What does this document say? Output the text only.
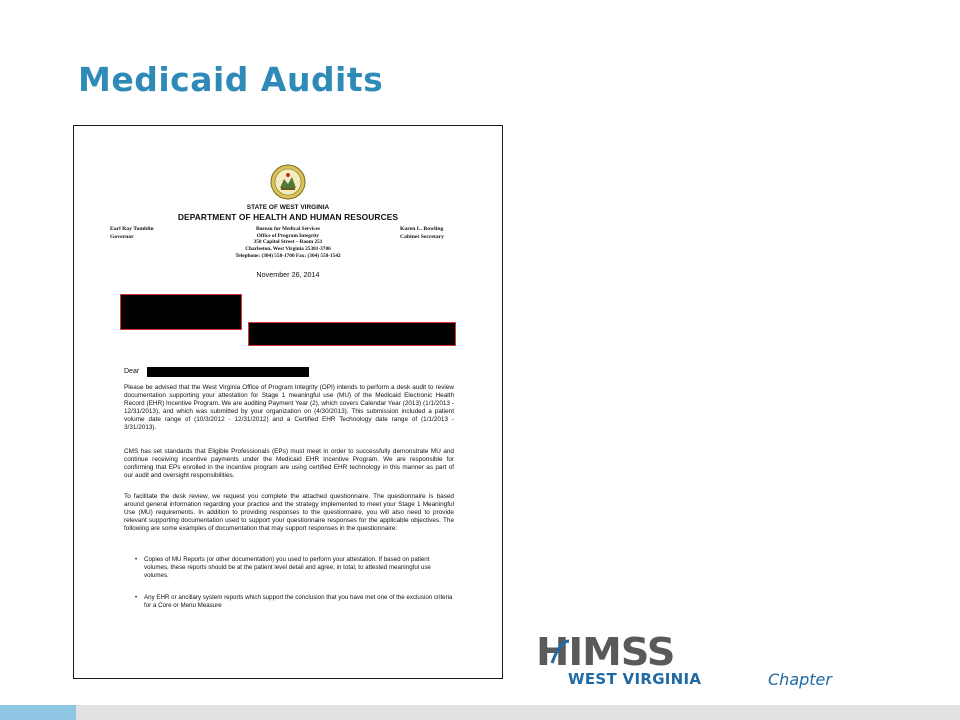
Medicaid Audits
STATE OF WEST VIRGINIA
DEPARTMENT OF HEALTH AND HUMAN RESOURCES
Earl Ray Tomblin
Governor
Bureau for Medical Services
Office of Program Integrity
350 Capitol Street – Room 251
Charleston, West Virginia 25301-3706
Telephone: (304) 558-1700 Fax: (304) 558-1542
Karen L. Bowling
Cabinet Secretary
November 26, 2014
Dear
Please be advised that the West Virginia Office of Program Integrity (OPI) intends to perform a desk audit to review documentation supporting your attestation for Stage 1 meaningful use (MU) of the Medicaid Electronic Health Record (EHR) Incentive Program. We are auditing Payment Year (2), which covers Calendar Year (2013) (1/1/2013 - 12/31/2013), and which was submitted by your organization on (4/30/2013). This submission included a patient volume date range of (10/3/2012 - 12/31/2012) and a Certified EHR Technology date range of (1/1/2013 - 3/31/2013).
CMS has set standards that Eligible Professionals (EPs) must meet in order to successfully demonstrate MU and continue receiving incentive payments under the Medicaid EHR Incentive Program. We are responsible for confirming that EPs enrolled in the incentive program are using certified EHR technology in this manner as part of our audit and oversight responsibilities.
To facilitate the desk review, we request you complete the attached questionnaire. The questionnaire is based around general information regarding your practice and the strategy implemented to meet your Stage 1 Meaningful Use (MU) requirements. In addition to providing responses to the questionnaire, you will also need to provide relevant supporting documentation used to support your questionnaire responses for the applicable objectives. The following are some examples of documentation that may support responses in the questionnaire:
• Copies of MU Reports (or other documentation) you used to perform your attestation. If based on patient volumes, these reports should be at the patient level detail and agree, in total, to attested meaningful use volumes.
• Any EHR or ancillary system reports which support the conclusion that you have met one of the exclusion criteria for a Core or Menu Measure
HIMSS
WEST VIRGINIA	Chapter
